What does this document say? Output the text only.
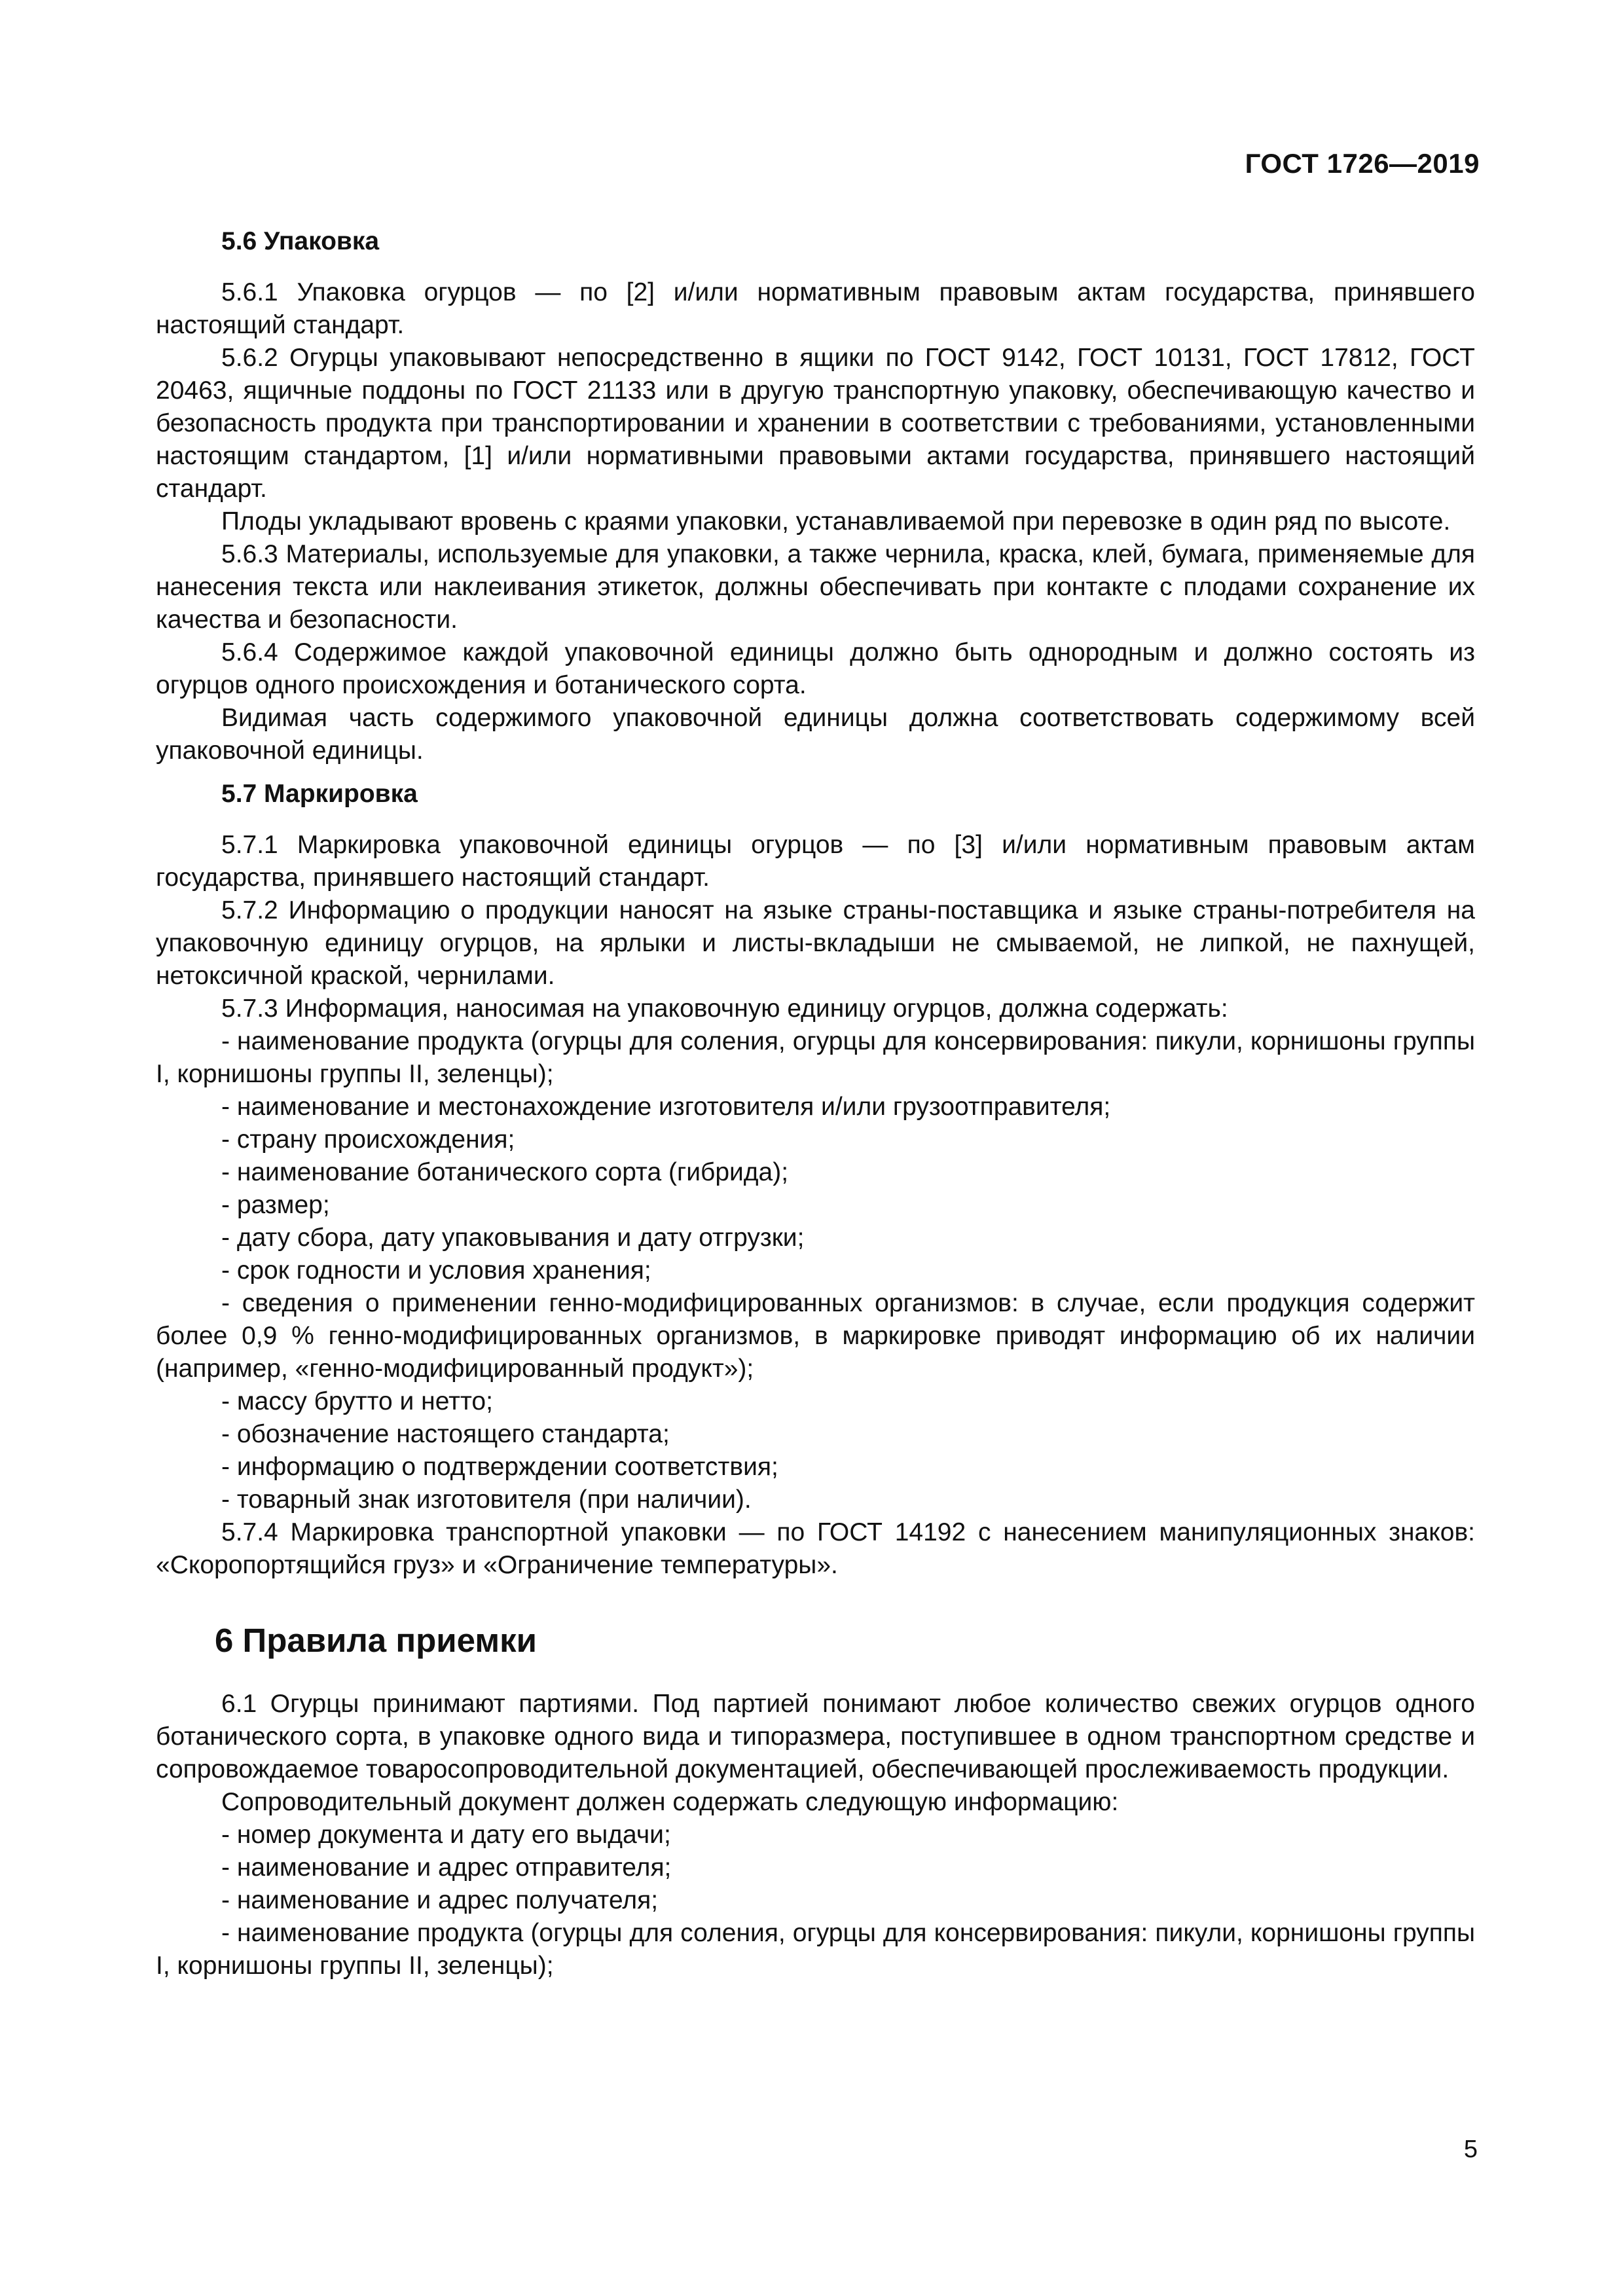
ГОСТ 1726—2019
5.6 Упаковка

5.6.1 Упаковка огурцов — по [2] и/или нормативным правовым актам государства, принявшего настоящий стандарт.

5.6.2 Огурцы упаковывают непосредственно в ящики по ГОСТ 9142, ГОСТ 10131, ГОСТ 17812, ГОСТ 20463, ящичные поддоны по ГОСТ 21133 или в другую транспортную упаковку, обеспечивающую качество и безопасность продукта при транспортировании и хранении в соответствии с требованиями, установленными настоящим стандартом, [1] и/или нормативными правовыми актами государства, принявшего настоящий стандарт.

Плоды укладывают вровень с краями упаковки, устанавливаемой при перевозке в один ряд по высоте.

5.6.3 Материалы, используемые для упаковки, а также чернила, краска, клей, бумага, применяемые для нанесения текста или наклеивания этикеток, должны обеспечивать при контакте с плодами сохранение их качества и безопасности.

5.6.4 Содержимое каждой упаковочной единицы должно быть однородным и должно состоять из огурцов одного происхождения и ботанического сорта.

Видимая часть содержимого упаковочной единицы должна соответствовать содержимому всей упаковочной единицы.

5.7 Маркировка

5.7.1 Маркировка упаковочной единицы огурцов — по [3] и/или нормативным правовым актам государства, принявшего настоящий стандарт.

5.7.2 Информацию о продукции наносят на языке страны-поставщика и языке страны-потребителя на упаковочную единицу огурцов, на ярлыки и листы-вкладыши не смываемой, не липкой, не пахнущей, нетоксичной краской, чернилами.

5.7.3 Информация, наносимая на упаковочную единицу огурцов, должна содержать:

- наименование продукта (огурцы для соления, огурцы для консервирования: пикули, корнишоны группы I, корнишоны группы II, зеленцы);

- наименование и местонахождение изготовителя и/или грузоотправителя;

- страну происхождения;

- наименование ботанического сорта (гибрида);

- размер;

- дату сбора, дату упаковывания и дату отгрузки;

- срок годности и условия хранения;

- сведения о применении генно-модифицированных организмов: в случае, если продукция содержит более 0,9 % генно-модифицированных организмов, в маркировке приводят информацию об их наличии (например, «генно-модифицированный продукт»);

- массу брутто и нетто;

- обозначение настоящего стандарта;

- информацию о подтверждении соответствия;

- товарный знак изготовителя (при наличии).

5.7.4 Маркировка транспортной упаковки — по ГОСТ 14192 с нанесением манипуляционных знаков: «Скоропортящийся груз» и «Ограничение температуры».

6 Правила приемки

6.1 Огурцы принимают партиями. Под партией понимают любое количество свежих огурцов одного ботанического сорта, в упаковке одного вида и типоразмера, поступившее в одном транспортном средстве и сопровождаемое товаросопроводительной документацией, обеспечивающей прослеживаемость продукции.

Сопроводительный документ должен содержать следующую информацию:

- номер документа и дату его выдачи;

- наименование и адрес отправителя;

- наименование и адрес получателя;

- наименование продукта (огурцы для соления, огурцы для консервирования: пикули, корнишоны группы I, корнишоны группы II, зеленцы);

5
